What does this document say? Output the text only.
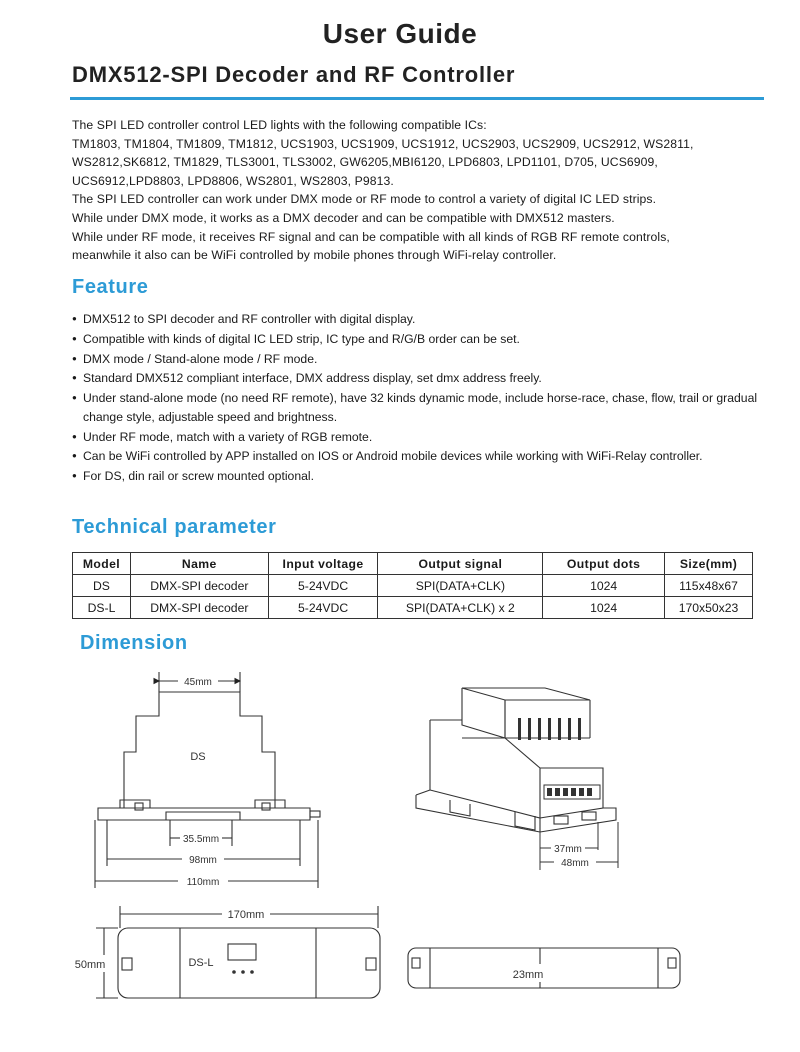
User Guide
DMX512-SPI Decoder and RF Controller
The SPI LED controller control LED lights with the following compatible ICs:
TM1803, TM1804, TM1809, TM1812, UCS1903, UCS1909, UCS1912, UCS2903, UCS2909, UCS2912, WS2811,
WS2812,SK6812, TM1829, TLS3001, TLS3002, GW6205,MBI6120, LPD6803, LPD1101, D705, UCS6909,
UCS6912,LPD8803, LPD8806, WS2801, WS2803, P9813.
The SPI LED controller can work under DMX mode or RF mode to control a variety of digital IC LED strips.
While under DMX mode, it works as a DMX decoder and can be compatible with DMX512 masters.
While under RF mode, it receives RF signal and can be compatible with all kinds of RGB RF remote controls,
meanwhile it also can be WiFi controlled by mobile phones through WiFi-relay controller.
Feature
● DMX512 to SPI decoder and RF controller with digital display.
● Compatible with kinds of digital IC LED strip, IC type and R/G/B order can be set.
● DMX mode / Stand-alone mode / RF mode.
● Standard DMX512 compliant interface, DMX address display, set dmx address freely.
● Under stand-alone mode (no need RF remote), have 32 kinds dynamic mode, include horse-race, chase, flow, trail or gradual change style, adjustable speed and brightness.
● Under RF mode, match with a variety of RGB remote.
● Can be WiFi controlled by APP installed on IOS or Android mobile devices while working with WiFi-Relay controller.
● For DS, din rail or screw mounted optional.
Technical parameter
Model	Name	Input voltage	Output signal	Output dots	Size(mm)
DS	DMX-SPI decoder	5-24VDC	SPI(DATA+CLK)	1024	115x48x67
DS-L	DMX-SPI decoder	5-24VDC	SPI(DATA+CLK) x 2	1024	170x50x23
Dimension
DS
45mm
35.5mm
98mm
110mm
37mm
48mm
DS-L
170mm
50mm
23mm
